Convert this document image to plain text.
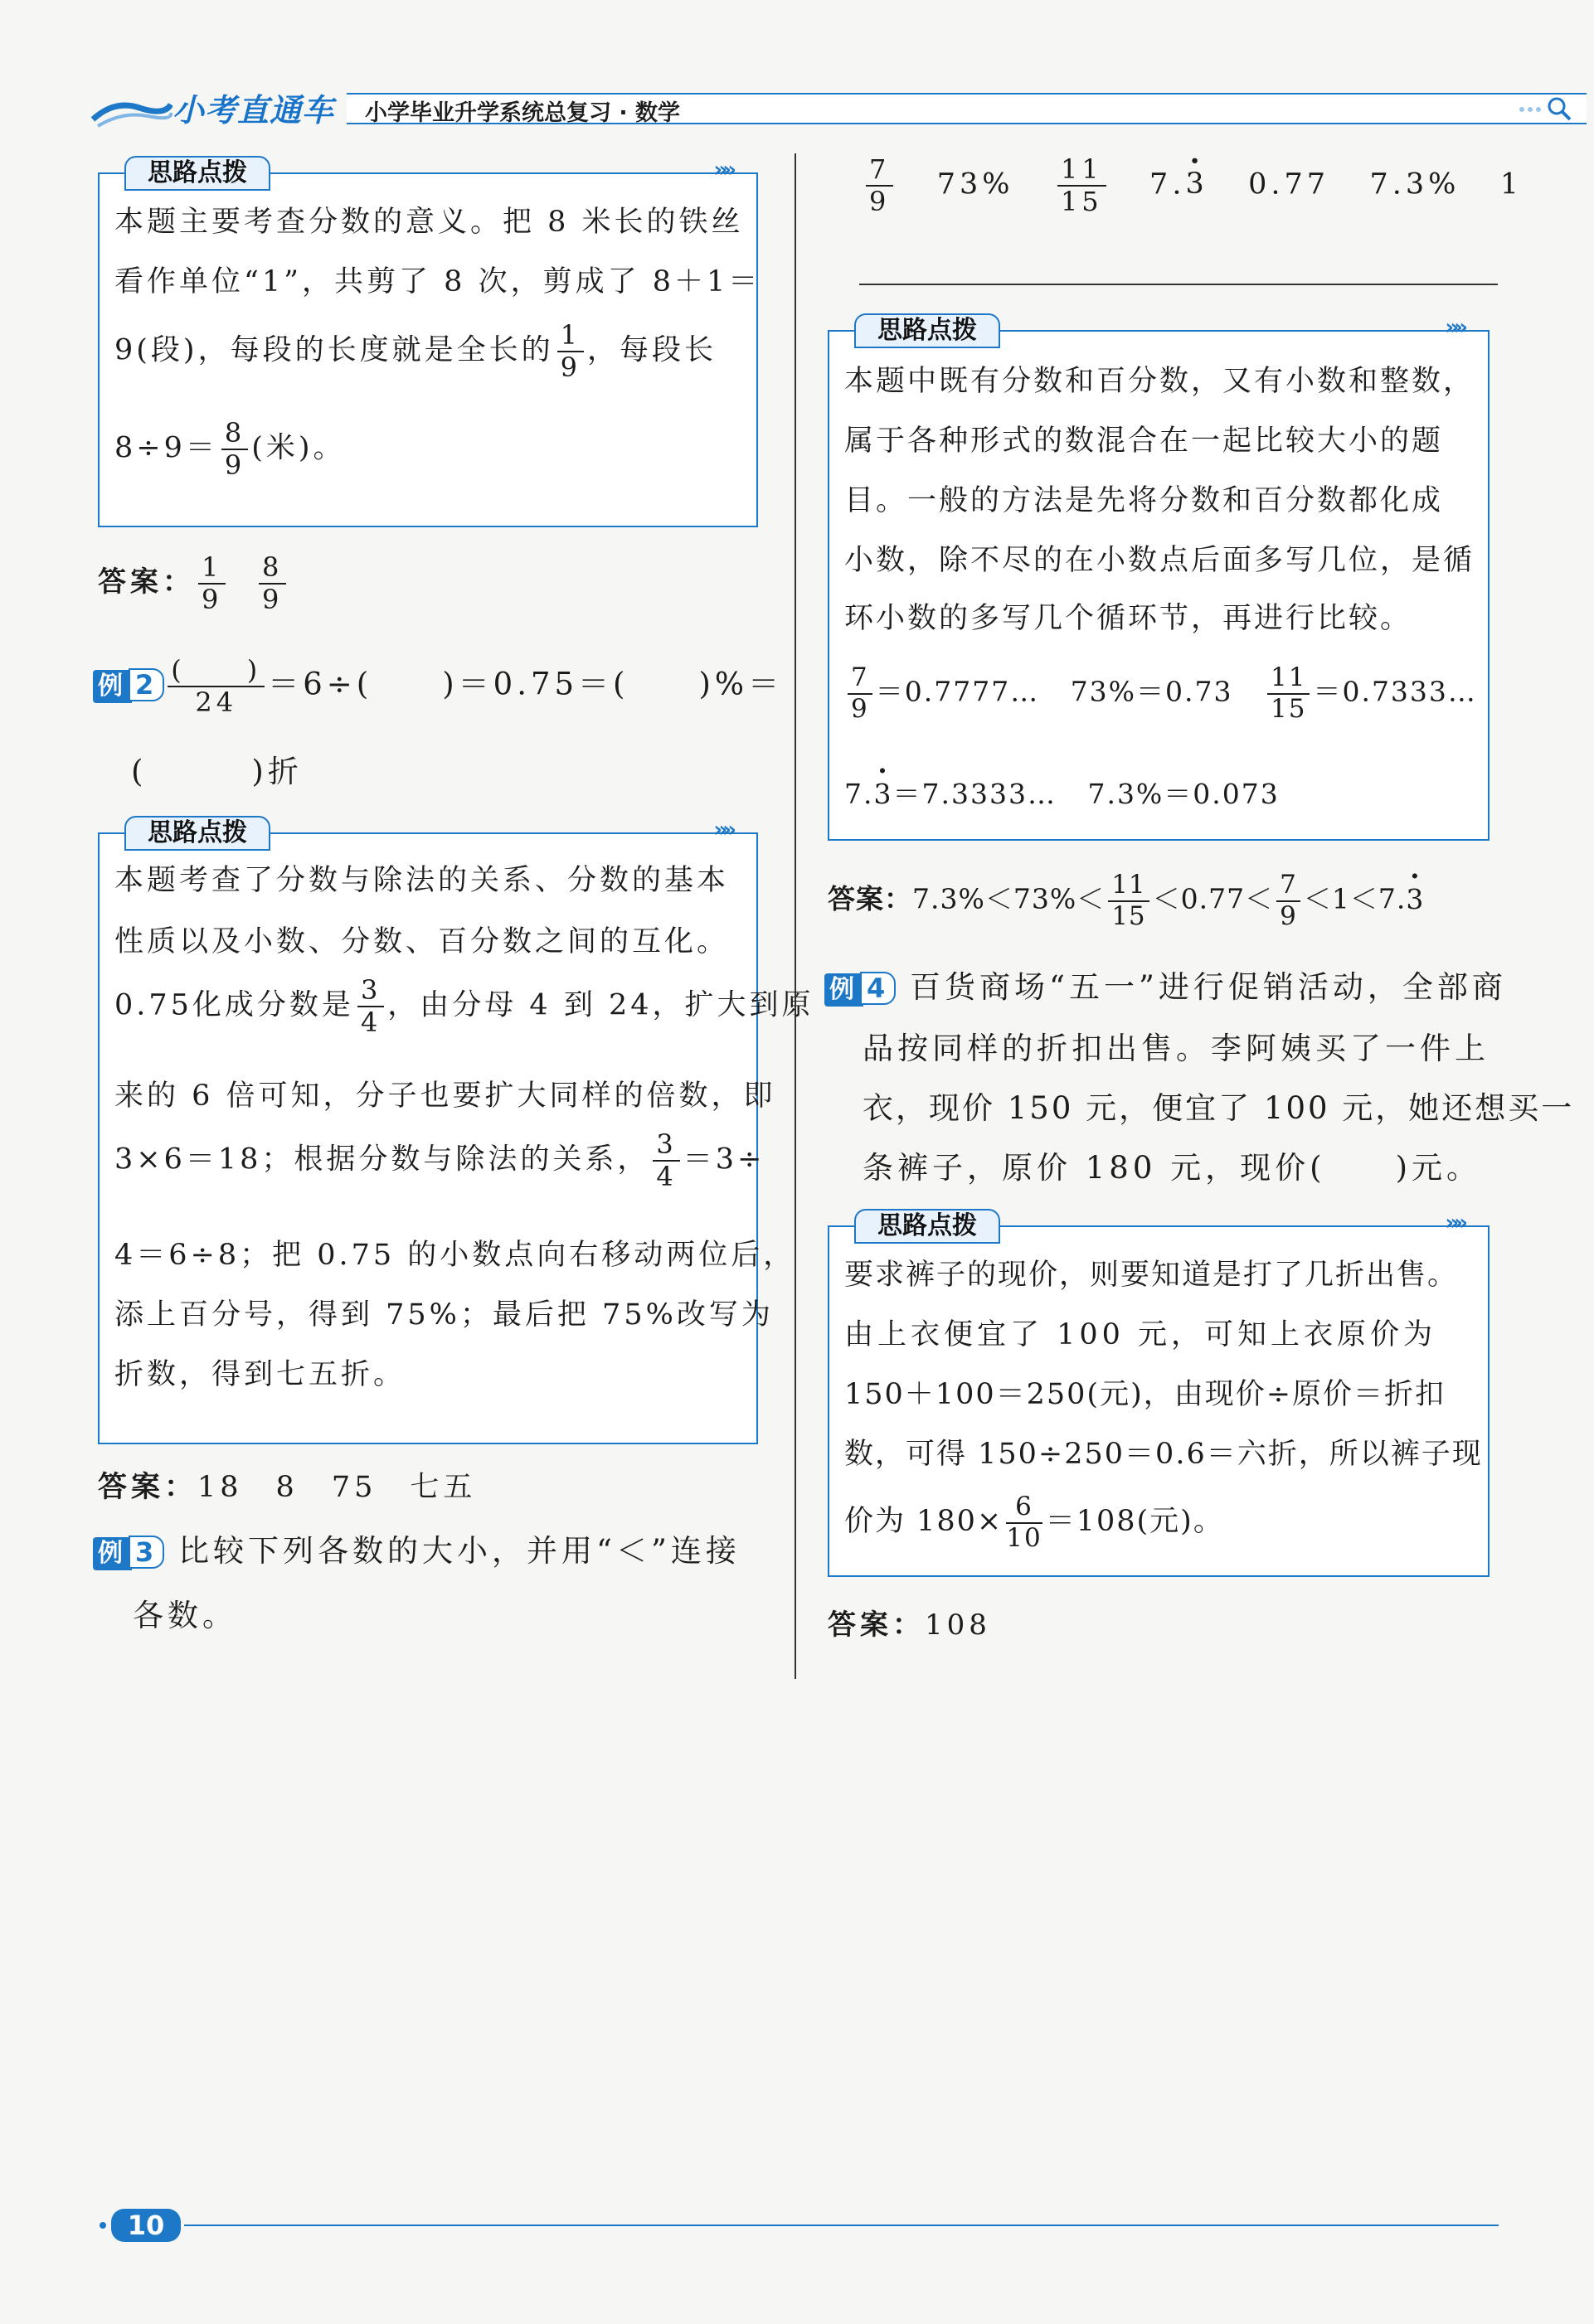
小考直通车 小学毕业升学系统总复习 · 数学
思路点拨	»»
本题主要考查分数的意义。把 8 米长的铁丝
看作单位“1”，共剪了 8 次，剪成了 8＋1＝
9(段)，每段的长度就是全长的 $\frac{1}{9}$ ，每段长
$8\div 9= \frac{8}{9}$ (米)。
答案： $\frac{1}{9}$
$\frac{8}{9}$
例 $2 \frac{( )}{24} =6\div$(　　)＝0.75＝(　　)%＝
(　　　)折
思路点拨	»»
本题考查了分数与除法的关系、分数的基本
性质以及小数、分数、百分数之间的互化。
0.75化成分数是 $\frac{3}{4}$ ，由分母 4 到 24，扩大到原
来的 6 倍可知，分子也要扩大同样的倍数，即
3×6＝18；根据分数与除法的关系， $\frac{3}{4} =3\div$
4＝6÷8；把 0.75 的小数点向右移动两位后，
添上百分号，得到 75%；最后把 75%改写为
折数，得到七五折。
答案：18　8　75　七五
例 3 比较下列各数的大小，并用“＜”连接
各数。
$\frac{7}{9} 73\% \frac{11}{15} 7.\cdot 3$ 0.77 7.3% 1
思路点拨	»»
本题中既有分数和百分数，又有小数和整数，
属于各种形式的数混合在一起比较大小的题
目。一般的方法是先将分数和百分数都化成
小数，除不尽的在小数点后面多写几位，是循
环小数的多写几个循环节，再进行比较。
$\frac{7}{9}$ ＝0.7777… $73\%=0.73 \frac{11}{15}$ ＝0.7333…
7.· 3＝7.3333… 7.3%＝0.073
答案：$7.3\%<73\%< \frac{11}{15} <0.77< \frac{7}{9} <1<7.\cdot 3$
例 4 百货商场“五一”进行促销活动，全部商
品按同样的折扣出售。李阿姨买了一件上
衣，现价 150 元，便宜了 100 元，她还想买一
条裤子，原价 180 元，现价(　　)元。
思路点拨	»»
要求裤子的现价，则要知道是打了几折出售。
由上衣便宜了 100 元，可知上衣原价为
150＋100＝250(元)，由现价÷原价＝折扣
数，可得 150÷250＝0.6＝六折，所以裤子现
价为 $180\times \frac{6}{10} =108$(元)。
答案：108
10
